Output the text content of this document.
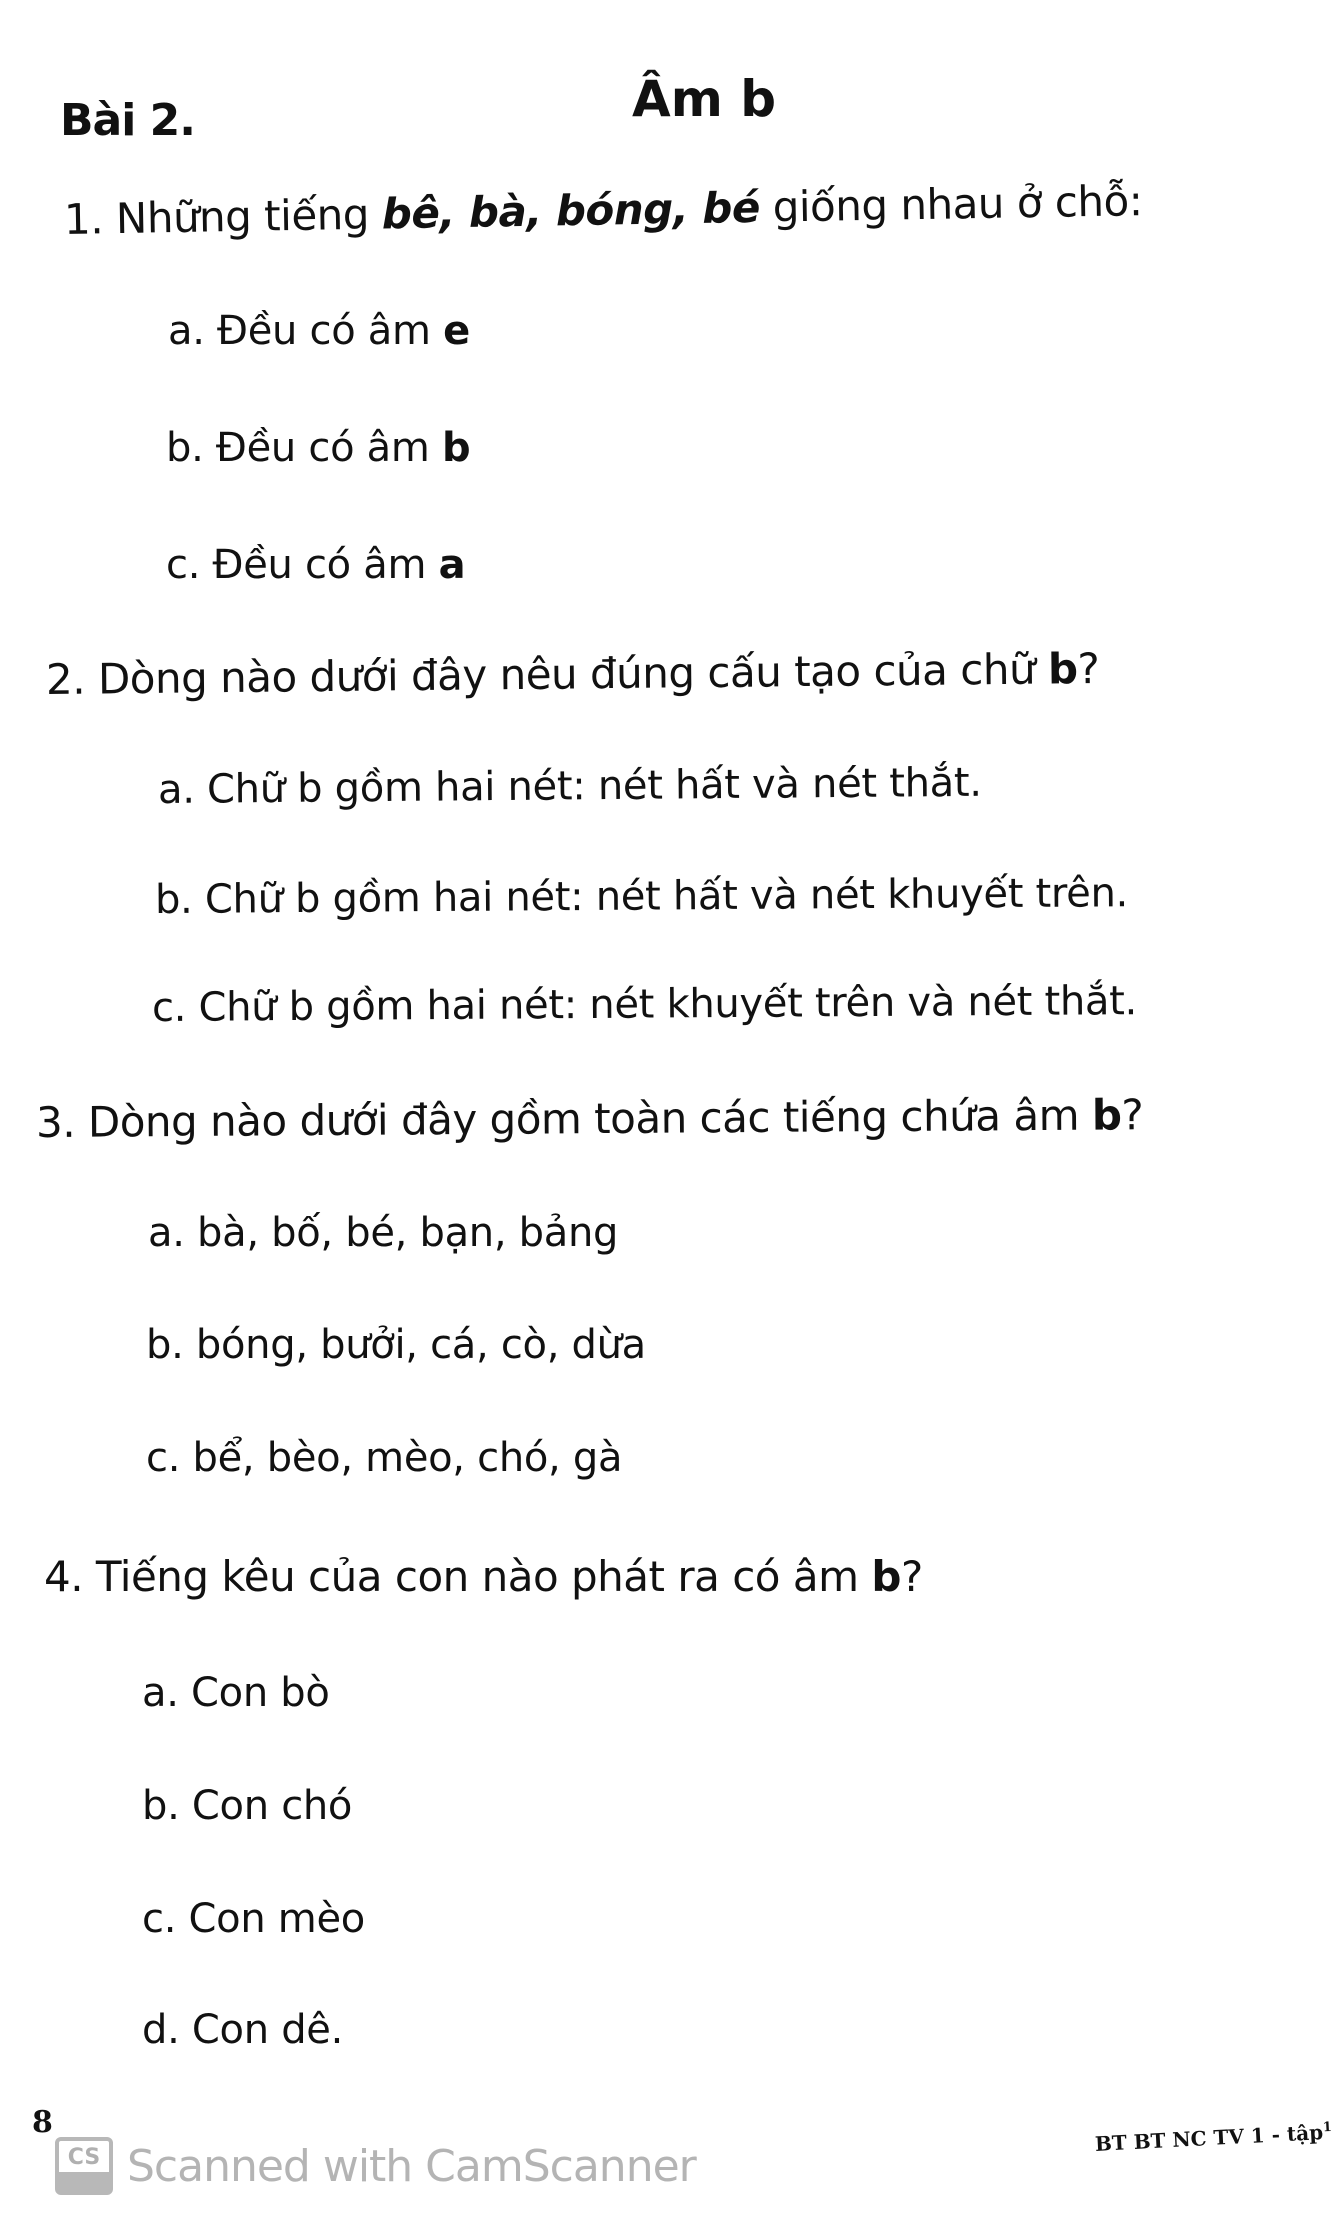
Bài 2.	Âm b
1. Những tiếng bê, bà, bóng, bé giống nhau ở chỗ:
a. Đều có âm e
b. Đều có âm b
c. Đều có âm a
2. Dòng nào dưới đây nêu đúng cấu tạo của chữ b?
a. Chữ b gồm hai nét: nét hất và nét thắt.
b. Chữ b gồm hai nét: nét hất và nét khuyết trên.
c. Chữ b gồm hai nét: nét khuyết trên và nét thắt.
3. Dòng nào dưới đây gồm toàn các tiếng chứa âm b?
a. bà, bố, bé, bạn, bảng
b. bóng, bưởi, cá, cò, dừa
c. bể, bèo, mèo, chó, gà
4. Tiếng kêu của con nào phát ra có âm b?
a. Con bò
b. Con chó
c. Con mèo
d. Con dê.
8
CS Scanned with CamScanner
BT BT NC TV 1 - tập$^1$
